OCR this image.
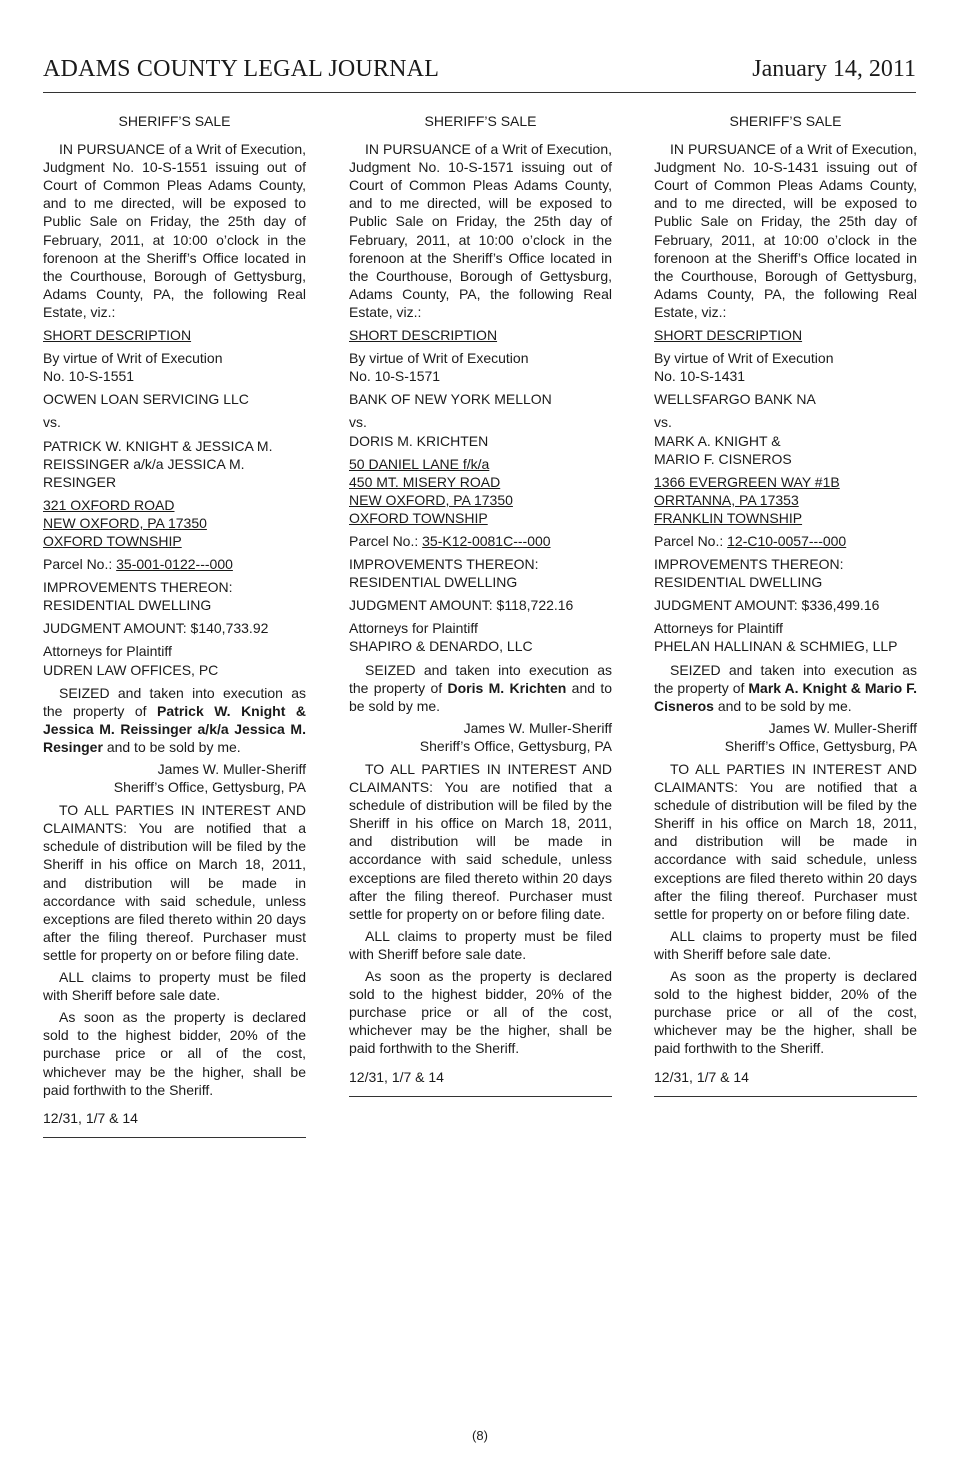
ADAMS COUNTY LEGAL JOURNAL	January 14, 2011

SHERIFF’S SALE

IN PURSUANCE of a Writ of Execution, Judgment No. 10-S-1551 issuing out of Court of Common Pleas Adams County, and to me directed, will be exposed to Public Sale on Friday, the 25th day of February, 2011, at 10:00 o’clock in the forenoon at the Sheriff’s Office located in the Courthouse, Borough of Gettysburg, Adams County, PA, the following Real Estate, viz.:

SHORT DESCRIPTION

By virtue of Writ of Execution

No. 10-S-1551

OCWEN LOAN SERVICING LLC

vs.

PATRICK W. KNIGHT & JESSICA M. REISSINGER a/k/a JESSICA M. RESINGER

321 OXFORD ROAD

NEW OXFORD, PA 17350

OXFORD TOWNSHIP

Parcel No.: 35-001-0122---000

IMPROVEMENTS THEREON:

RESIDENTIAL DWELLING

JUDGMENT AMOUNT: $140,733.92

Attorneys for Plaintiff

UDREN LAW OFFICES, PC

SEIZED and taken into execution as the property of Patrick W. Knight & Jessica M. Reissinger a/k/a Jessica M. Resinger and to be sold by me.

James W. Muller-Sheriff

Sheriff’s Office, Gettysburg, PA

TO ALL PARTIES IN INTEREST AND CLAIMANTS: You are notified that a schedule of distribution will be filed by the Sheriff in his office on March 18, 2011, and distribution will be made in accordance with said schedule, unless exceptions are filed thereto within 20 days after the filing thereof. Purchaser must settle for property on or before filing date.

ALL claims to property must be filed with Sheriff before sale date.

As soon as the property is declared sold to the highest bidder, 20% of the purchase price or all of the cost, whichever may be the higher, shall be paid forthwith to the Sheriff.

12/31, 1/7 & 14

SHERIFF’S SALE

IN PURSUANCE of a Writ of Execution, Judgment No. 10-S-1571 issuing out of Court of Common Pleas Adams County, and to me directed, will be exposed to Public Sale on Friday, the 25th day of February, 2011, at 10:00 o’clock in the forenoon at the Sheriff’s Office located in the Courthouse, Borough of Gettysburg, Adams County, PA, the following Real Estate, viz.:

SHORT DESCRIPTION

By virtue of Writ of Execution

No. 10-S-1571

BANK OF NEW YORK MELLON

vs.

DORIS M. KRICHTEN

50 DANIEL LANE f/k/a

450 MT. MISERY ROAD

NEW OXFORD, PA 17350

OXFORD TOWNSHIP

Parcel No.: 35-K12-0081C---000

IMPROVEMENTS THEREON:

RESIDENTIAL DWELLING

JUDGMENT AMOUNT: $118,722.16

Attorneys for Plaintiff

SHAPIRO & DENARDO, LLC

SEIZED and taken into execution as the property of Doris M. Krichten and to be sold by me.

James W. Muller-Sheriff

Sheriff’s Office, Gettysburg, PA

TO ALL PARTIES IN INTEREST AND CLAIMANTS: You are notified that a schedule of distribution will be filed by the Sheriff in his office on March 18, 2011, and distribution will be made in accordance with said schedule, unless exceptions are filed thereto within 20 days after the filing thereof. Purchaser must settle for property on or before filing date.

ALL claims to property must be filed with Sheriff before sale date.

As soon as the property is declared sold to the highest bidder, 20% of the purchase price or all of the cost, whichever may be the higher, shall be paid forthwith to the Sheriff.

12/31, 1/7 & 14

SHERIFF’S SALE

IN PURSUANCE of a Writ of Execution, Judgment No. 10-S-1431 issuing out of Court of Common Pleas Adams County, and to me directed, will be exposed to Public Sale on Friday, the 25th day of February, 2011, at 10:00 o’clock in the forenoon at the Sheriff’s Office located in the Courthouse, Borough of Gettysburg, Adams County, PA, the following Real Estate, viz.:

SHORT DESCRIPTION

By virtue of Writ of Execution

No. 10-S-1431

WELLSFARGO BANK NA

vs.

MARK A. KNIGHT &

MARIO F. CISNEROS

1366 EVERGREEN WAY #1B

ORRTANNA, PA 17353

FRANKLIN TOWNSHIP

Parcel No.: 12-C10-0057---000

IMPROVEMENTS THEREON:

RESIDENTIAL DWELLING

JUDGMENT AMOUNT: $336,499.16

Attorneys for Plaintiff

PHELAN HALLINAN & SCHMIEG, LLP

SEIZED and taken into execution as the property of Mark A. Knight & Mario F. Cisneros and to be sold by me.

James W. Muller-Sheriff

Sheriff’s Office, Gettysburg, PA

TO ALL PARTIES IN INTEREST AND CLAIMANTS: You are notified that a schedule of distribution will be filed by the Sheriff in his office on March 18, 2011, and distribution will be made in accordance with said schedule, unless exceptions are filed thereto within 20 days after the filing thereof. Purchaser must settle for property on or before filing date.

ALL claims to property must be filed with Sheriff before sale date.

As soon as the property is declared sold to the highest bidder, 20% of the purchase price or all of the cost, whichever may be the higher, shall be paid forthwith to the Sheriff.

12/31, 1/7 & 14

(8)
